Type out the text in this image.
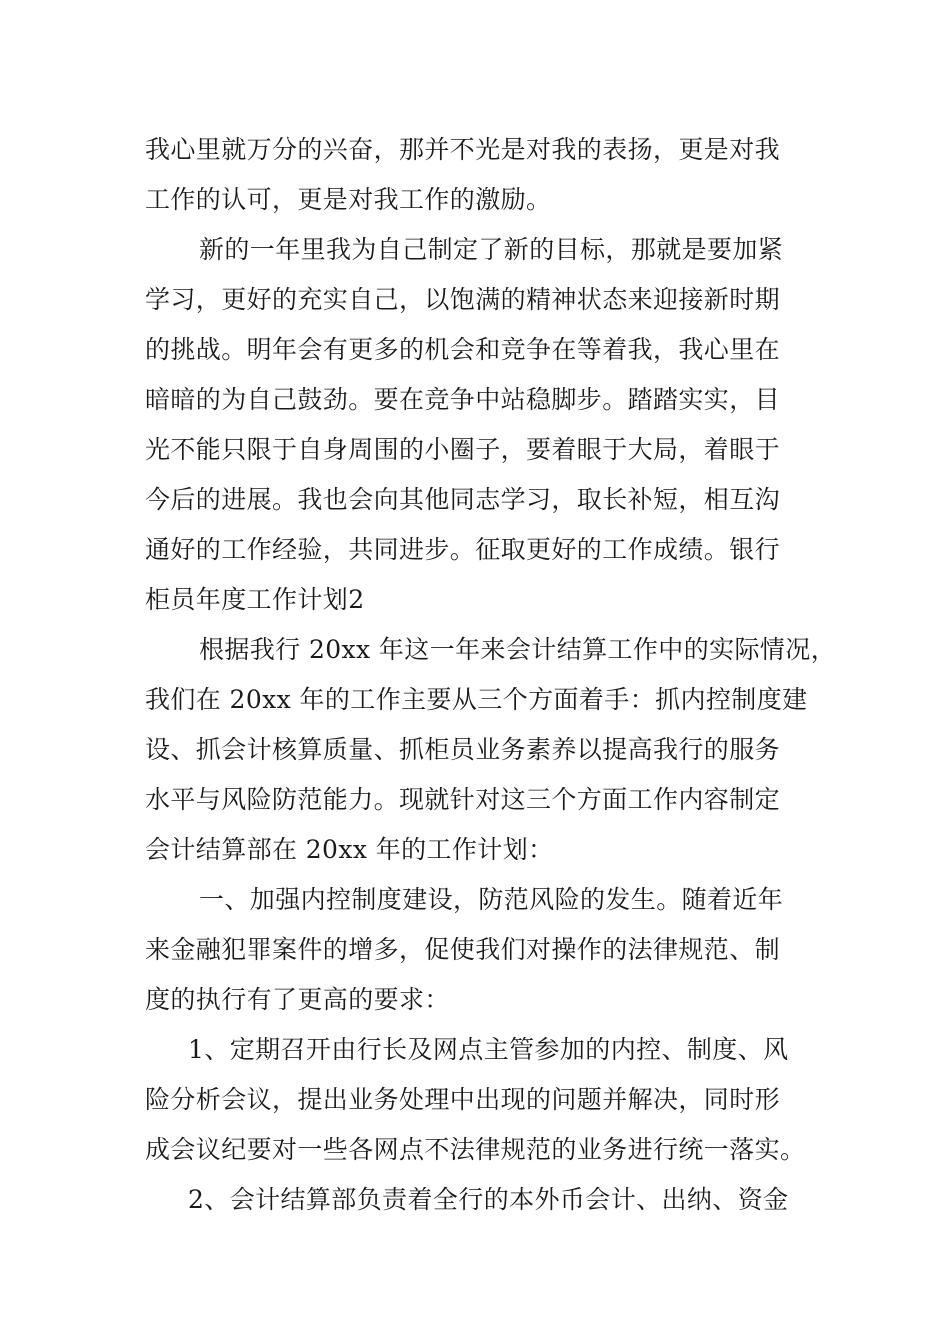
我心里就万分的兴奋，那并不光是对我的表扬，更是对我
工作的认可，更是对我工作的激励。
新的一年里我为自己制定了新的目标，那就是要加紧
学习，更好的充实自己，以饱满的精神状态来迎接新时期
的挑战。明年会有更多的机会和竞争在等着我，我心里在
暗暗的为自己鼓劲。要在竞争中站稳脚步。踏踏实实，目
光不能只限于自身周围的小圈子，要着眼于大局，着眼于
今后的进展。我也会向其他同志学习，取长补短，相互沟
通好的工作经验，共同进步。征取更好的工作成绩。银行
柜员年度工作计划2
根据我行 20xx 年这一年来会计结算工作中的实际情况，
我们在 20xx 年的工作主要从三个方面着手：抓内控制度建
设、抓会计核算质量、抓柜员业务素养以提高我行的服务
水平与风险防范能力。现就针对这三个方面工作内容制定
会计结算部在 20xx 年的工作计划：
一、加强内控制度建设，防范风险的发生。随着近年
来金融犯罪案件的增多，促使我们对操作的法律规范、制
度的执行有了更高的要求：
1、定期召开由行长及网点主管参加的内控、制度、风
险分析会议，提出业务处理中出现的问题并解决，同时形
成会议纪要对一些各网点不法律规范的业务进行统一落实。
2、会计结算部负责着全行的本外币会计、出纳、资金
